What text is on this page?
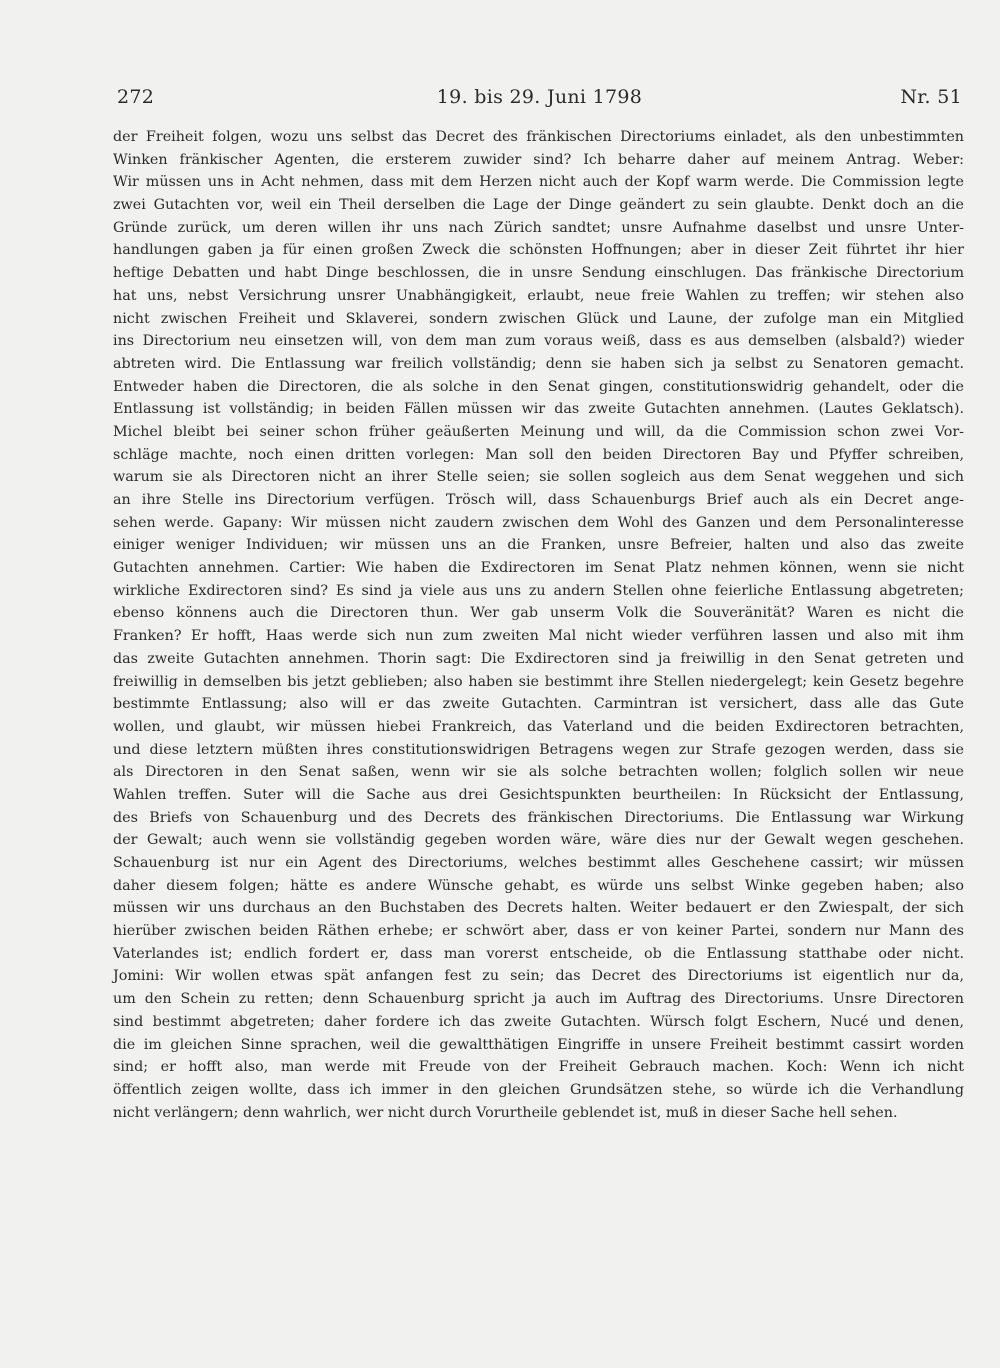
272	19. bis 29. Juni 1798	Nr. 51
der Freiheit folgen, wozu uns selbst das Decret des fränkischen Directoriums einladet, als den unbestimmten
Winken fränkischer Agenten, die ersterem zuwider sind? Ich beharre daher auf meinem Antrag. Weber:
Wir müssen uns in Acht nehmen, dass mit dem Herzen nicht auch der Kopf warm werde. Die Commission legte
zwei Gutachten vor, weil ein Theil derselben die Lage der Dinge geändert zu sein glaubte. Denkt doch an die
Gründe zurück, um deren willen ihr uns nach Zürich sandtet; unsre Aufnahme daselbst und unsre Unter-
handlungen gaben ja für einen großen Zweck die schönsten Hoffnungen; aber in dieser Zeit führtet ihr hier
heftige Debatten und habt Dinge beschlossen, die in unsre Sendung einschlugen. Das fränkische Directorium
hat uns, nebst Versichrung unsrer Unabhängigkeit, erlaubt, neue freie Wahlen zu treffen; wir stehen also
nicht zwischen Freiheit und Sklaverei, sondern zwischen Glück und Laune, der zufolge man ein Mitglied
ins Directorium neu einsetzen will, von dem man zum voraus weiß, dass es aus demselben (alsbald?) wieder
abtreten wird. Die Entlassung war freilich vollständig; denn sie haben sich ja selbst zu Senatoren gemacht.
Entweder haben die Directoren, die als solche in den Senat gingen, constitutionswidrig gehandelt, oder die
Entlassung ist vollständig; in beiden Fällen müssen wir das zweite Gutachten annehmen. (Lautes Geklatsch).
Michel bleibt bei seiner schon früher geäußerten Meinung und will, da die Commission schon zwei Vor-
schläge machte, noch einen dritten vorlegen: Man soll den beiden Directoren Bay und Pfyffer schreiben,
warum sie als Directoren nicht an ihrer Stelle seien; sie sollen sogleich aus dem Senat weggehen und sich
an ihre Stelle ins Directorium verfügen. Trösch will, dass Schauenburgs Brief auch als ein Decret ange-
sehen werde. Gapany: Wir müssen nicht zaudern zwischen dem Wohl des Ganzen und dem Personalinteresse
einiger weniger Individuen; wir müssen uns an die Franken, unsre Befreier, halten und also das zweite
Gutachten annehmen. Cartier: Wie haben die Exdirectoren im Senat Platz nehmen können, wenn sie nicht
wirkliche Exdirectoren sind? Es sind ja viele aus uns zu andern Stellen ohne feierliche Entlassung abgetreten;
ebenso könnens auch die Directoren thun. Wer gab unserm Volk die Souveränität? Waren es nicht die
Franken? Er hofft, Haas werde sich nun zum zweiten Mal nicht wieder verführen lassen und also mit ihm
das zweite Gutachten annehmen. Thorin sagt: Die Exdirectoren sind ja freiwillig in den Senat getreten und
freiwillig in demselben bis jetzt geblieben; also haben sie bestimmt ihre Stellen niedergelegt; kein Gesetz begehre
bestimmte Entlassung; also will er das zweite Gutachten. Carmintran ist versichert, dass alle das Gute
wollen, und glaubt, wir müssen hiebei Frankreich, das Vaterland und die beiden Exdirectoren betrachten,
und diese letztern müßten ihres constitutionswidrigen Betragens wegen zur Strafe gezogen werden, dass sie
als Directoren in den Senat saßen, wenn wir sie als solche betrachten wollen; folglich sollen wir neue
Wahlen treffen. Suter will die Sache aus drei Gesichtspunkten beurtheilen: In Rücksicht der Entlassung,
des Briefs von Schauenburg und des Decrets des fränkischen Directoriums. Die Entlassung war Wirkung
der Gewalt; auch wenn sie vollständig gegeben worden wäre, wäre dies nur der Gewalt wegen geschehen.
Schauenburg ist nur ein Agent des Directoriums, welches bestimmt alles Geschehene cassirt; wir müssen
daher diesem folgen; hätte es andere Wünsche gehabt, es würde uns selbst Winke gegeben haben; also
müssen wir uns durchaus an den Buchstaben des Decrets halten. Weiter bedauert er den Zwiespalt, der sich
hierüber zwischen beiden Räthen erhebe; er schwört aber, dass er von keiner Partei, sondern nur Mann des
Vaterlandes ist; endlich fordert er, dass man vorerst entscheide, ob die Entlassung statthabe oder nicht.
Jomini: Wir wollen etwas spät anfangen fest zu sein; das Decret des Directoriums ist eigentlich nur da,
um den Schein zu retten; denn Schauenburg spricht ja auch im Auftrag des Directoriums. Unsre Directoren
sind bestimmt abgetreten; daher fordere ich das zweite Gutachten. Würsch folgt Eschern, Nucé und denen,
die im gleichen Sinne sprachen, weil die gewaltthätigen Eingriffe in unsere Freiheit bestimmt cassirt worden
sind; er hofft also, man werde mit Freude von der Freiheit Gebrauch machen. Koch: Wenn ich nicht
öffentlich zeigen wollte, dass ich immer in den gleichen Grundsätzen stehe, so würde ich die Verhandlung
nicht verlängern; denn wahrlich, wer nicht durch Vorurtheile geblendet ist, muß in dieser Sache hell sehen.
